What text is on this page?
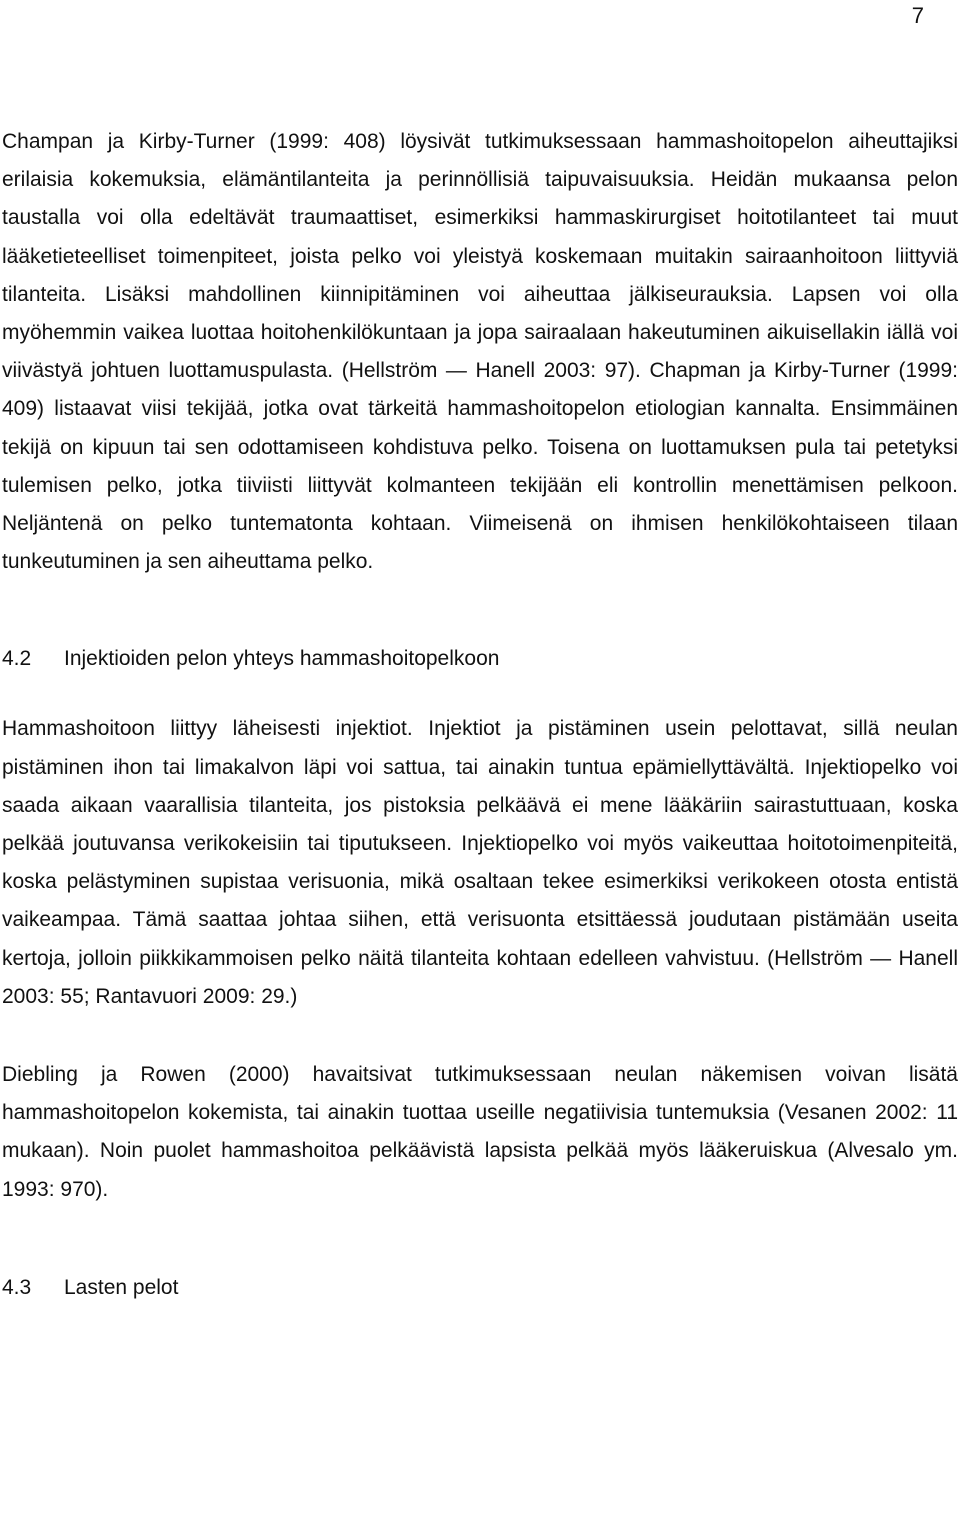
7

Champan ja Kirby-Turner (1999: 408) löysivät tutkimuksessaan hammashoitopelon aiheuttajiksi erilaisia kokemuksia, elämäntilanteita ja perinnöllisiä taipuvaisuuksia. Heidän mukaansa pelon taustalla voi olla edeltävät traumaattiset, esimerkiksi hammaskirurgiset hoitotilanteet tai muut lääketieteelliset toimenpiteet, joista pelko voi yleistyä koskemaan muitakin sairaanhoitoon liittyviä tilanteita. Lisäksi mahdollinen kiinnipitäminen voi aiheuttaa jälkiseurauksia. Lapsen voi olla myöhemmin vaikea luottaa hoitohenkilökuntaan ja jopa sairaalaan hakeutuminen aikuisellakin iällä voi viivästyä johtuen luottamuspulasta. (Hellström — Hanell 2003: 97). Chapman ja Kirby-Turner (1999: 409) listaavat viisi tekijää, jotka ovat tärkeitä hammashoitopelon etiologian kannalta. Ensimmäinen tekijä on kipuun tai sen odottamiseen kohdistuva pelko. Toisena on luottamuksen pula tai petetyksi tulemisen pelko, jotka tiiviisti liittyvät kolmanteen tekijään eli kontrollin menettämisen pelkoon. Neljäntenä on pelko tuntematonta kohtaan. Viimeisenä on ihmisen henkilökohtaiseen tilaan tunkeutuminen ja sen aiheuttama pelko.

4.2 Injektioiden pelon yhteys hammashoitopelkoon

Hammashoitoon liittyy läheisesti injektiot. Injektiot ja pistäminen usein pelottavat, sillä neulan pistäminen ihon tai limakalvon läpi voi sattua, tai ainakin tuntua epämiellyttävältä. Injektiopelko voi saada aikaan vaarallisia tilanteita, jos pistoksia pelkäävä ei mene lääkäriin sairastuttuaan, koska pelkää joutuvansa verikokeisiin tai tiputukseen. Injektiopelko voi myös vaikeuttaa hoitotoimenpiteitä, koska pelästyminen supistaa verisuonia, mikä osaltaan tekee esimerkiksi verikokeen otosta entistä vaikeampaa. Tämä saattaa johtaa siihen, että verisuonta etsittäessä joudutaan pistämään useita kertoja, jolloin piikkikammoisen pelko näitä tilanteita kohtaan edelleen vahvistuu. (Hellström — Hanell 2003: 55; Rantavuori 2009: 29.)

Diebling ja Rowen (2000) havaitsivat tutkimuksessaan neulan näkemisen voivan lisätä hammashoitopelon kokemista, tai ainakin tuottaa useille negatiivisia tuntemuksia (Vesanen 2002: 11 mukaan). Noin puolet hammashoitoa pelkäävistä lapsista pelkää myös lääkeruiskua (Alvesalo ym. 1993: 970).

4.3 Lasten pelot
